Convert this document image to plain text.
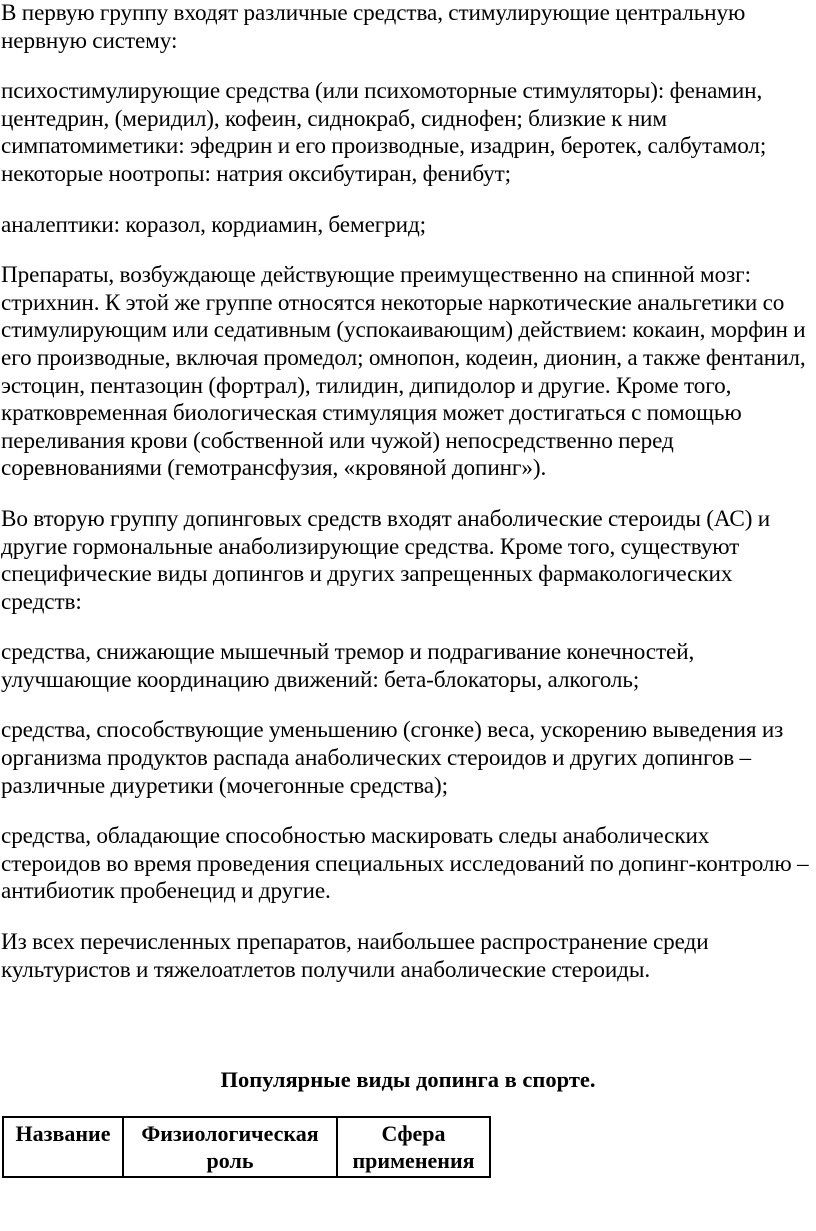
В первую группу входят различные средства, стимулирующие центральную нервную систему:

психостимулирующие средства (или психомоторные стимуляторы): фенамин, центедрин, (меридил), кофеин, сиднокраб, сиднофен; близкие к ним симпатомиметики: эфедрин и его производные, изадрин, беротек, салбутамол; некоторые ноотропы: натрия оксибутиран, фенибут;

аналептики: коразол, кордиамин, бемегрид;

Препараты, возбуждающе действующие преимущественно на спинной мозг: стрихнин. К этой же группе относятся некоторые наркотические анальгетики со стимулирующим или седативным (успокаивающим) действием: кокаин, морфин и его производные, включая промедол; омнопон, кодеин, дионин, а также фентанил, эстоцин, пентазоцин (фортрал), тилидин, дипидолор и другие. Кроме того, кратковременная биологическая стимуляция может достигаться с помощью переливания крови (собственной или чужой) непосредственно перед соревнованиями (гемотрансфузия, «кровяной допинг»).

Во вторую группу допинговых средств входят анаболические стероиды (АС) и другие гормональные анаболизирующие средства. Кроме того, существуют специфические виды допингов и других запрещенных фармакологических средств:

средства, снижающие мышечный тремор и подрагивание конечностей, улучшающие координацию движений: бета-блокаторы, алкоголь;

средства, способствующие уменьшению (сгонке) веса, ускорению выведения из организма продуктов распада анаболических стероидов и других допингов – различные диуретики (мочегонные средства);

средства, обладающие способностью маскировать следы анаболических стероидов во время проведения специальных исследований по допинг-контролю – антибиотик пробенецид и другие.

Из всех перечисленных препаратов, наибольшее распространение среди культуристов и тяжелоатлетов получили анаболические стероиды.

Популярные виды допинга в спорте.
Название	Физиологическая роль	Сфера применения
